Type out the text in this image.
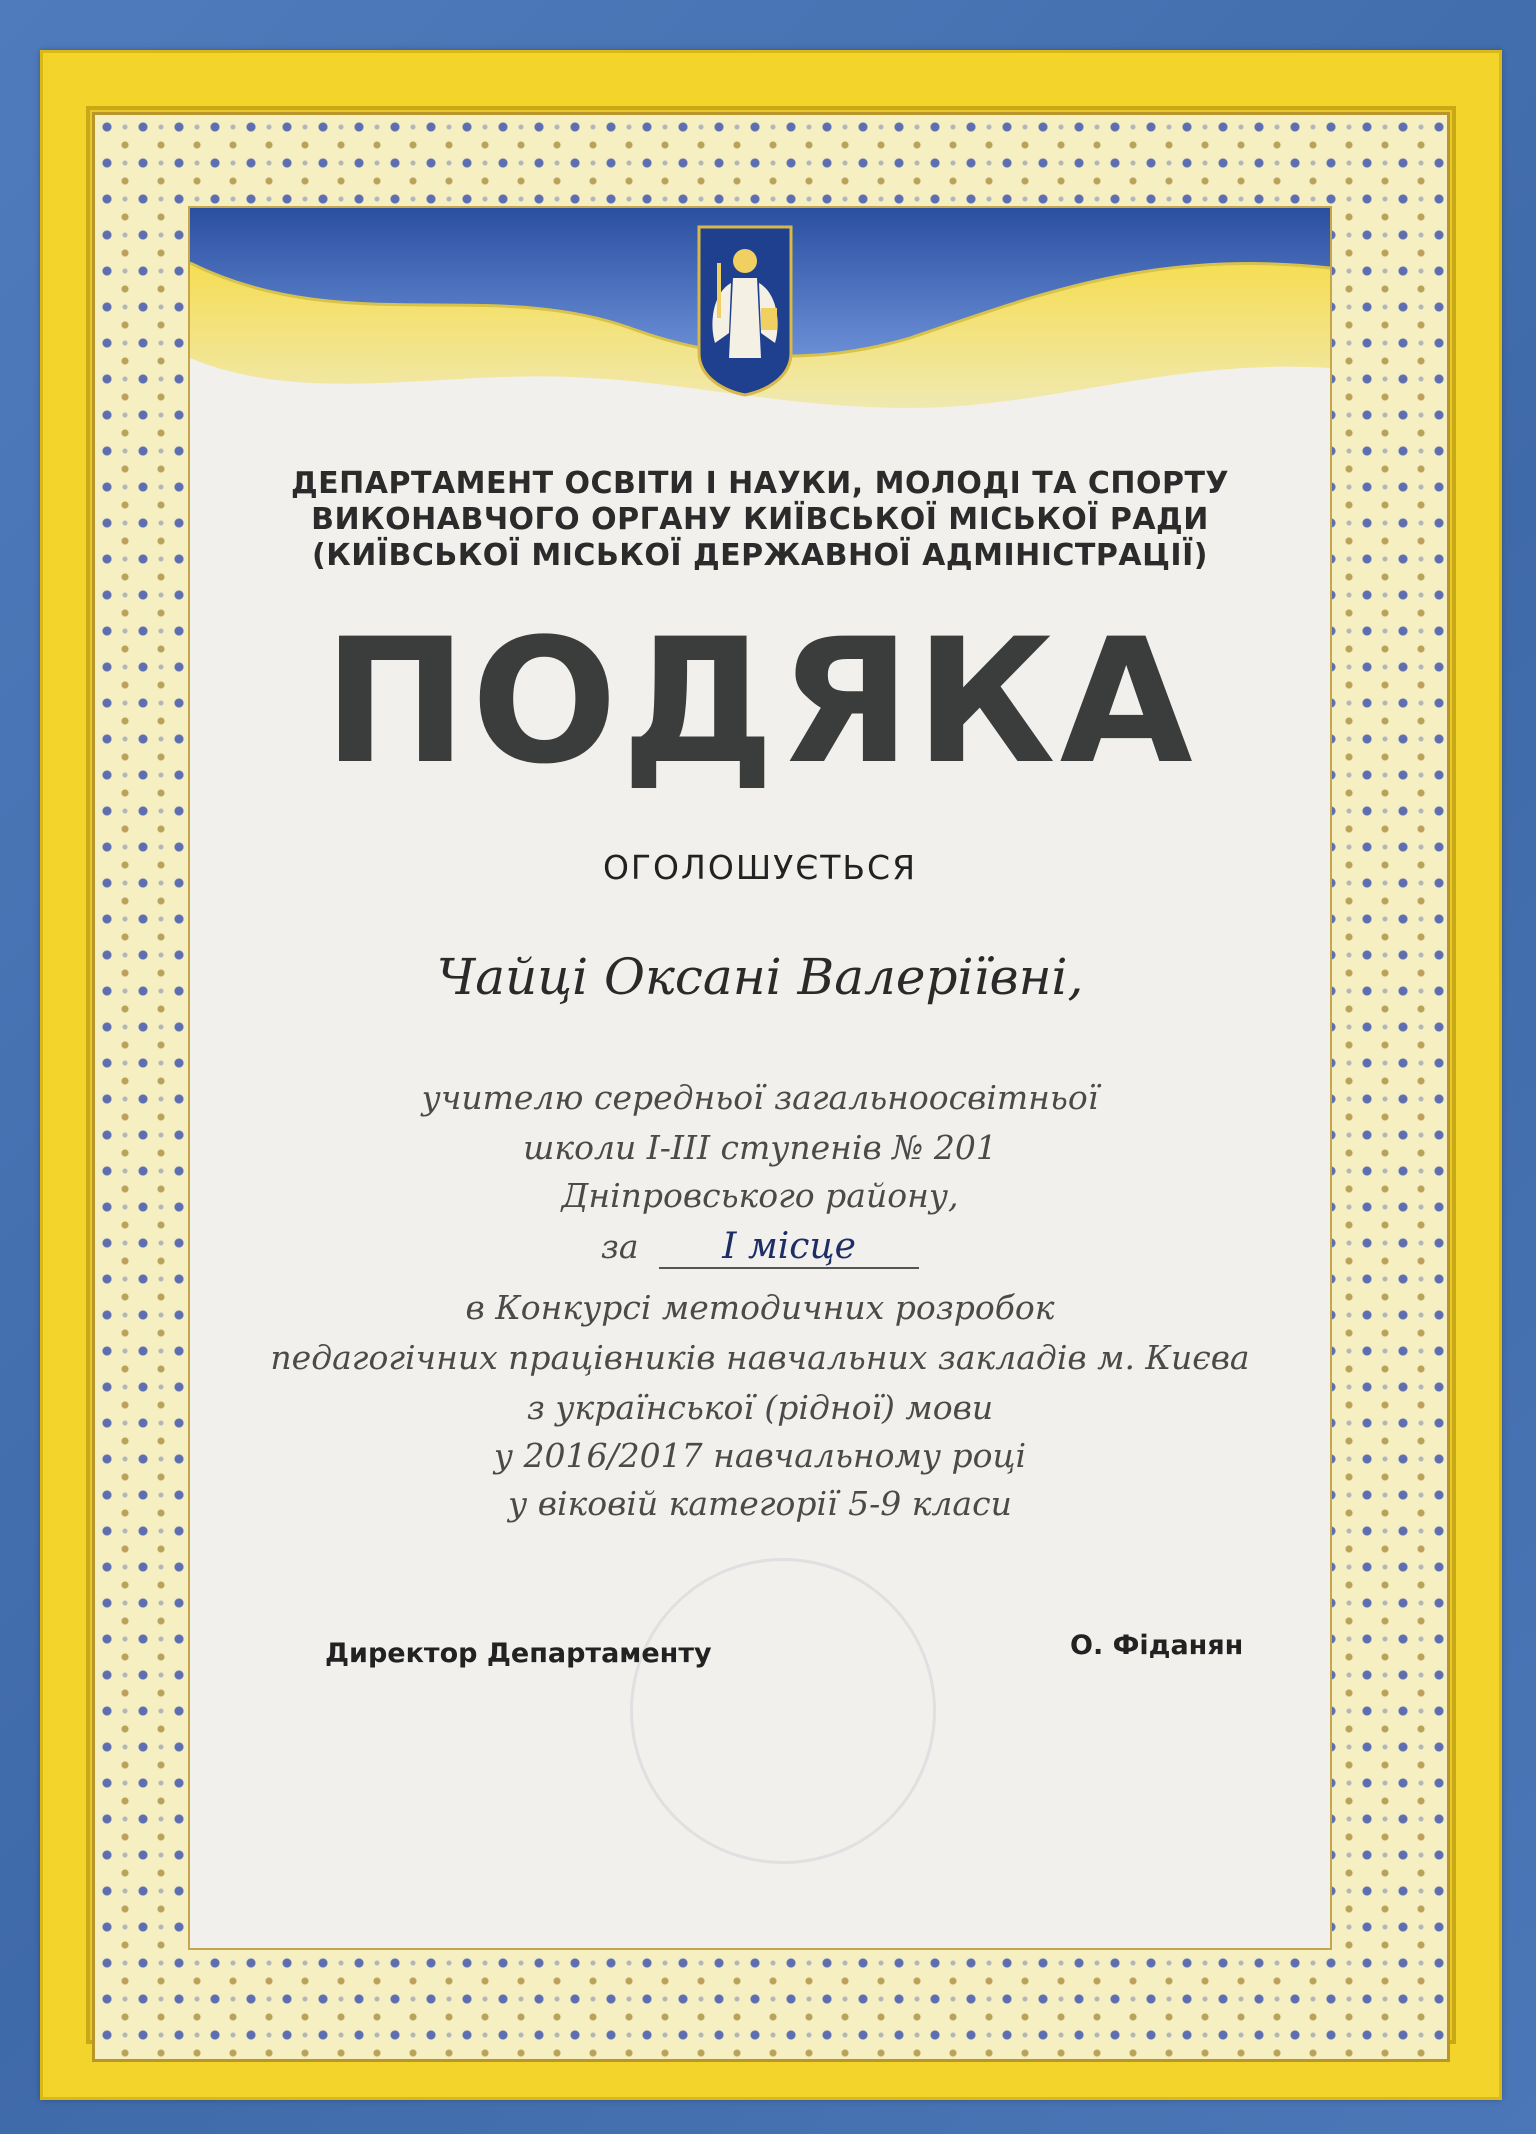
ДЕПАРТАМЕНТ ОСВІТИ І НАУКИ, МОЛОДІ ТА СПОРТУ
ВИКОНАВЧОГО ОРГАНУ КИЇВСЬКОЇ МІСЬКОЇ РАДИ
(КИЇВСЬКОЇ МІСЬКОЇ ДЕРЖАВНОЇ АДМІНІСТРАЦІЇ)
ПОДЯКА
ОГОЛОШУЄТЬСЯ
Чайці Оксані Валеріївні,
учителю середньої загальноосвітньої
школи І-ІІІ ступенів № 201
Дніпровського району,
за І місце
в Конкурсі методичних розробок
педагогічних працівників навчальних закладів м. Києва
з української (рідної) мови
у 2016/2017 навчальному році
у віковій категорії 5-9 класи
Директор Департаменту	О. Фіданян
